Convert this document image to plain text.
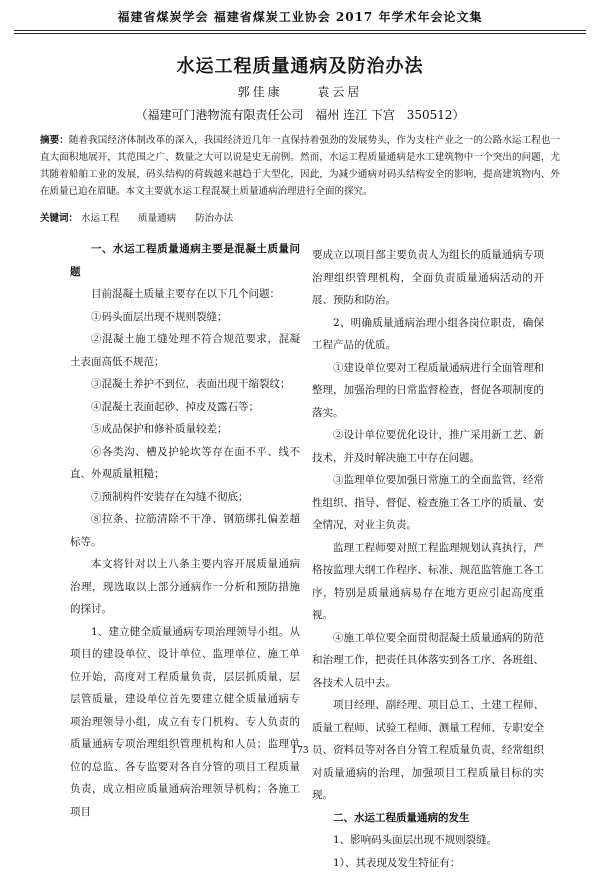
福建省煤炭学会 福建省煤炭工业协会 2017 年学术年会论文集
水运工程质量通病及防治办法
郭佳康	袁云居
（福建可门港物流有限责任公司 福州 连江 下宫 350512）
摘要：随着我国经济体制改革的深入，我国经济近几年一直保持着强劲的发展势头，作为支柱产业之一的公路水运工程也一直大面积地展开，其范围之广、数量之大可以说是史无前例。然而，水运工程质量通病是水工建筑物中一个突出的问题，尤其随着船舶工业的发展，码头结构的荷载越来越趋于大型化，因此，为减少通病对码头结构安全的影响，提高建筑物内、外在质量已迫在眉睫。本文主要就水运工程混凝土质量通病治理进行全面的探究。
关键词： 水运工程 质量通病 防治办法

一、水运工程质量通病主要是混凝土质量问题

目前混凝土质量主要存在以下几个问题：

①码头面层出现不规则裂缝；

②混凝土施工缝处理不符合规范要求，混凝土表面高低不规范；

③混凝土养护不到位，表面出现干缩裂纹；

④混凝土表面起砂、掉皮及露石等；

⑤成品保护和修补质量较差；

⑥各类沟、槽及护轮坎等存在面不平、线不直、外观质量粗糙；

⑦预制构件安装存在勾缝不彻底；

⑧拉条、拉筋清除不干净、钢筋绑扎偏差超标等。

本文将针对以上八条主要内容开展质量通病治理，现选取以上部分通病作一分析和预防措施的探讨。

1、建立健全质量通病专项治理领导小组。从项目的建设单位、设计单位、监理单位、施工单位开始，高度对工程质量负责，层层抓质量，层层管质量，建设单位首先要建立健全质量通病专项治理领导小组，成立有专门机构、专人负责的质量通病专项治理组织管理机构和人员；监理单位的总监、各专监要对各自分管的项目工程质量负责，成立相应质量通病治理领导机构；各施工项目

要成立以项目部主要负责人为组长的质量通病专项治理组织管理机构，全面负责质量通病活动的开展、预防和防治。

2、明确质量通病治理小组各岗位职责，确保工程产品的优质。

①建设单位要对工程质量通病进行全面管理和整理，加强治理的日常监督检查，督促各项制度的落实。

②设计单位要优化设计，推广采用新工艺、新技术，并及时解决施工中存在问题。

③监理单位要加强日常施工的全面监管，经常性组织、指导、督促、检查施工各工序的质量、安全情况，对业主负责。

监理工程师要对照工程监理规划认真执行，严格按监理大纲工作程序、标准、规范监管施工各工序，特别是质量通病易存在地方更应引起高度重视。

④施工单位要全面贯彻混凝土质量通病的防范和治理工作，把责任具体落实到各工序、各班组、各技术人员中去。

项目经理、副经理、项目总工、土建工程师、质量工程师、试验工程师、测量工程师、专职安全员、资料员等对各自分管工程质量负责，经常组织对质量通病的治理，加强项目工程质量目标的实现。

二、水运工程质量通病的发生

1、影响码头面层出现不规则裂缝。

1）、其表现及发生特征有：

173
